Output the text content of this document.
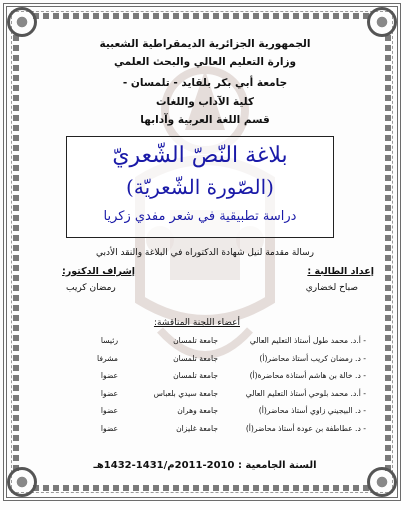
الجمهورية الجزائرية الديمقراطية الشعبية
وزارة التعليم العالي والبحث العلمي
جامعة أبي بكر بلقايد - تلمسان -
كلية الآداب واللغات
قسم اللغة العربية وآدابها
بلاغة النّصّ الشّعريّ
(الصّورة الشّعريّة)
دراسة تطبيقية في شعر مفدي زكريا
رسالة مقدمة لنيل شهادة الدكتوراه في البلاغة والنقد الأدبي
إعداد الطالبة :
إشراف الدكتور:
صباح لخضاري
رمضان كريب
أعضاء اللجنة المناقشة:
- أ.د. محمد طول أستاذ التعليم العالي
جامعة تلمسان
رئيسا
- د. رمضان كريب أستاذ محاضر(أ)
جامعة تلمسان
مشرفا
- د. خالة بن هاشم أستاذة محاضرة(أ)
جامعة تلمسان
عضوا
- أ.د. محمد بلوحي أستاذ التعليم العالي
جامعة سيدي بلعباس
عضوا
- د. البيجيني زاوي أستاذ محاضر(أ)
جامعة وهران
عضوا
- د. عطاطفة بن عودة أستاذ محاضر(أ)
جامعة غليزان
عضوا
السنة الجامعية : 2010-2011م/1431-1432هـ
